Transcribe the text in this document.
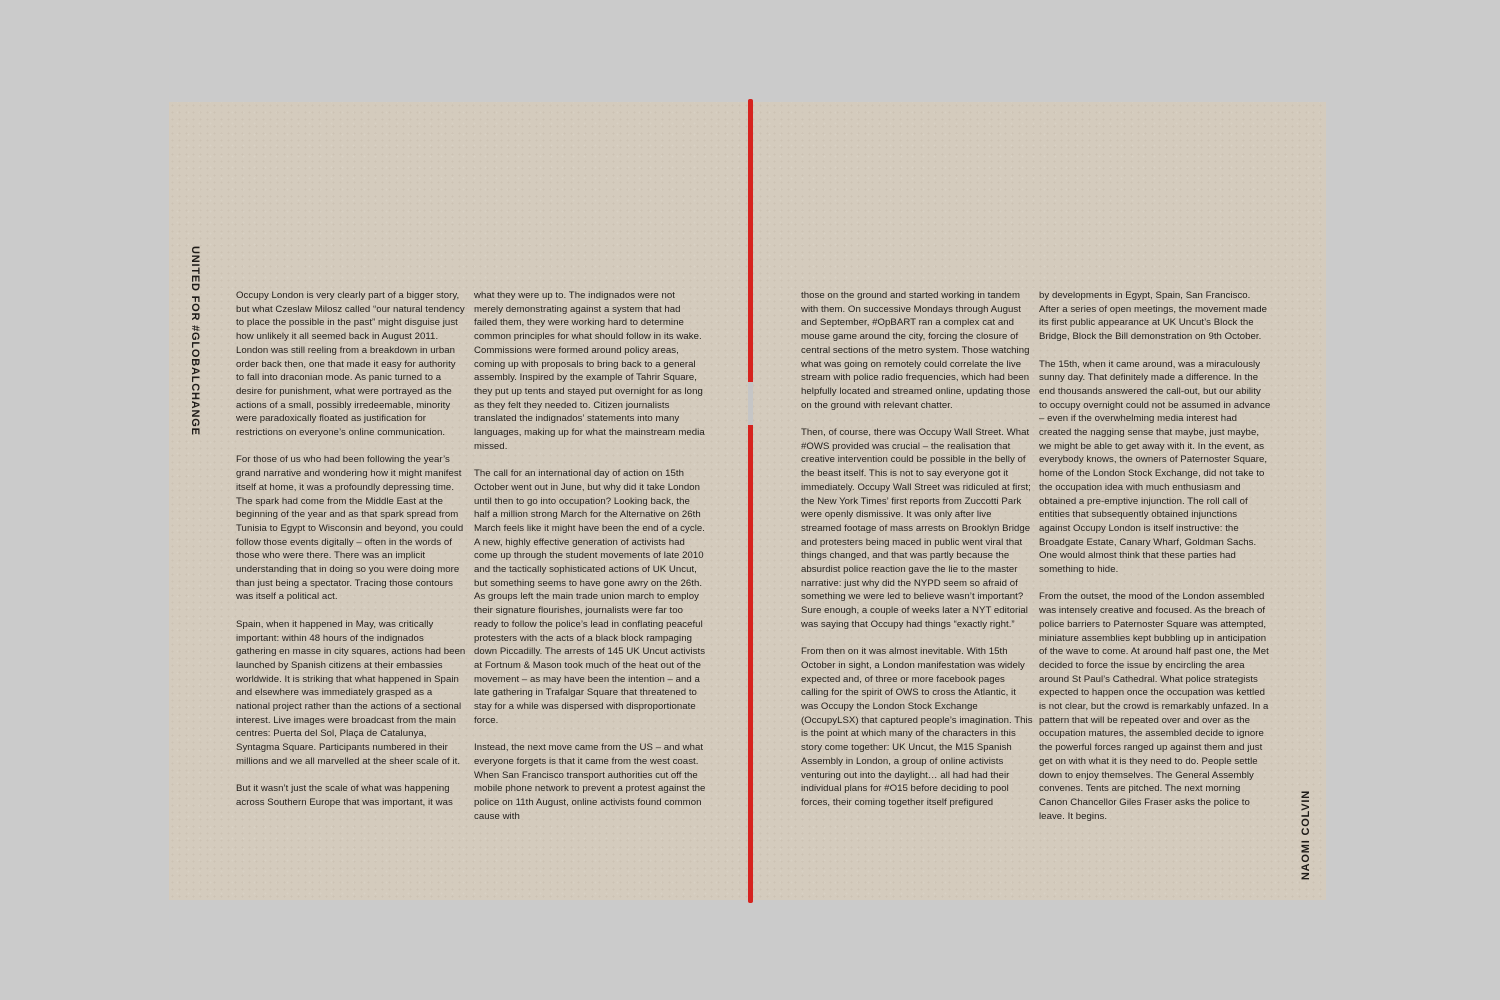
UNITED FOR #GLOBALCHANGE
NAOMI COLVIN

Occupy London is very clearly part of a bigger story, but what Czeslaw Milosz called “our natural tendency to place the possible in the past” might disguise just how unlikely it all seemed back in August 2011. London was still reeling from a breakdown in urban order back then, one that made it easy for authority to fall into draconian mode. As panic turned to a desire for punishment, what were portrayed as the actions of a small, possibly irredeemable, minority were paradoxically floated as justification for restrictions on everyone’s online communication.

For those of us who had been following the year’s grand narrative and wondering how it might manifest itself at home, it was a profoundly depressing time. The spark had come from the Middle East at the beginning of the year and as that spark spread from Tunisia to Egypt to Wisconsin and beyond, you could follow those events digitally – often in the words of those who were there. There was an implicit understanding that in doing so you were doing more than just being a spectator. Tracing those contours was itself a political act.

Spain, when it happened in May, was critically important: within 48 hours of the indignados gathering en masse in city squares, actions had been launched by Spanish citizens at their embassies worldwide. It is striking that what happened in Spain and elsewhere was immediately grasped as a national project rather than the actions of a sectional interest. Live images were broadcast from the main centres: Puerta del Sol, Plaça de Catalunya, Syntagma Square. Participants numbered in their millions and we all marvelled at the sheer scale of it.

But it wasn’t just the scale of what was happening across Southern Europe that was important, it was

what they were up to. The indignados were not merely demonstrating against a system that had failed them, they were working hard to determine common principles for what should follow in its wake. Commissions were formed around policy areas, coming up with proposals to bring back to a general assembly. Inspired by the example of Tahrir Square, they put up tents and stayed put overnight for as long as they felt they needed to. Citizen journalists translated the indignados’ statements into many languages, making up for what the mainstream media missed.

The call for an international day of action on 15th October went out in June, but why did it take London until then to go into occupation? Looking back, the half a million strong March for the Alternative on 26th March feels like it might have been the end of a cycle. A new, highly effective generation of activists had come up through the student movements of late 2010 and the tactically sophisticated actions of UK Uncut, but something seems to have gone awry on the 26th. As groups left the main trade union march to employ their signature flourishes, journalists were far too ready to follow the police’s lead in conflating peaceful protesters with the acts of a black block rampaging down Piccadilly. The arrests of 145 UK Uncut activists at Fortnum & Mason took much of the heat out of the movement – as may have been the intention – and a late gathering in Trafalgar Square that threatened to stay for a while was dispersed with disproportionate force.

Instead, the next move came from the US – and what everyone forgets is that it came from the west coast. When San Francisco transport authorities cut off the mobile phone network to prevent a protest against the police on 11th August, online activists found common cause with

those on the ground and started working in tandem with them. On successive Mondays through August and September, #OpBART ran a complex cat and mouse game around the city, forcing the closure of central sections of the metro system. Those watching what was going on remotely could correlate the live stream with police radio frequencies, which had been helpfully located and streamed online, updating those on the ground with relevant chatter.

Then, of course, there was Occupy Wall Street. What #OWS provided was crucial – the realisation that creative intervention could be possible in the belly of the beast itself. This is not to say everyone got it immediately. Occupy Wall Street was ridiculed at first; the New York Times’ first reports from Zuccotti Park were openly dismissive. It was only after live streamed footage of mass arrests on Brooklyn Bridge and protesters being maced in public went viral that things changed, and that was partly because the absurdist police reaction gave the lie to the master narrative: just why did the NYPD seem so afraid of something we were led to believe wasn’t important? Sure enough, a couple of weeks later a NYT editorial was saying that Occupy had things “exactly right.”

From then on it was almost inevitable. With 15th October in sight, a London manifestation was widely expected and, of three or more facebook pages calling for the spirit of OWS to cross the Atlantic, it was Occupy the London Stock Exchange (OccupyLSX) that captured people’s imagination. This is the point at which many of the characters in this story come together: UK Uncut, the M15 Spanish Assembly in London, a group of online activists venturing out into the daylight… all had had their individual plans for #O15 before deciding to pool forces, their coming together itself prefigured

by developments in Egypt, Spain, San Francisco. After a series of open meetings, the movement made its first public appearance at UK Uncut’s Block the Bridge, Block the Bill demonstration on 9th October.

The 15th, when it came around, was a miraculously sunny day. That definitely made a difference. In the end thousands answered the call-out, but our ability to occupy overnight could not be assumed in advance – even if the overwhelming media interest had created the nagging sense that maybe, just maybe, we might be able to get away with it. In the event, as everybody knows, the owners of Paternoster Square, home of the London Stock Exchange, did not take to the occupation idea with much enthusiasm and obtained a pre-emptive injunction. The roll call of entities that subsequently obtained injunctions against Occupy London is itself instructive: the Broadgate Estate, Canary Wharf, Goldman Sachs. One would almost think that these parties had something to hide.

From the outset, the mood of the London assembled was intensely creative and focused. As the breach of police barriers to Paternoster Square was attempted, miniature assemblies kept bubbling up in anticipation of the wave to come. At around half past one, the Met decided to force the issue by encircling the area around St Paul’s Cathedral. What police strategists expected to happen once the occupation was kettled is not clear, but the crowd is remarkably unfazed. In a pattern that will be repeated over and over as the occupation matures, the assembled decide to ignore the powerful forces ranged up against them and just get on with what it is they need to do. People settle down to enjoy themselves. The General Assembly convenes. Tents are pitched. The next morning Canon Chancellor Giles Fraser asks the police to leave. It begins.
